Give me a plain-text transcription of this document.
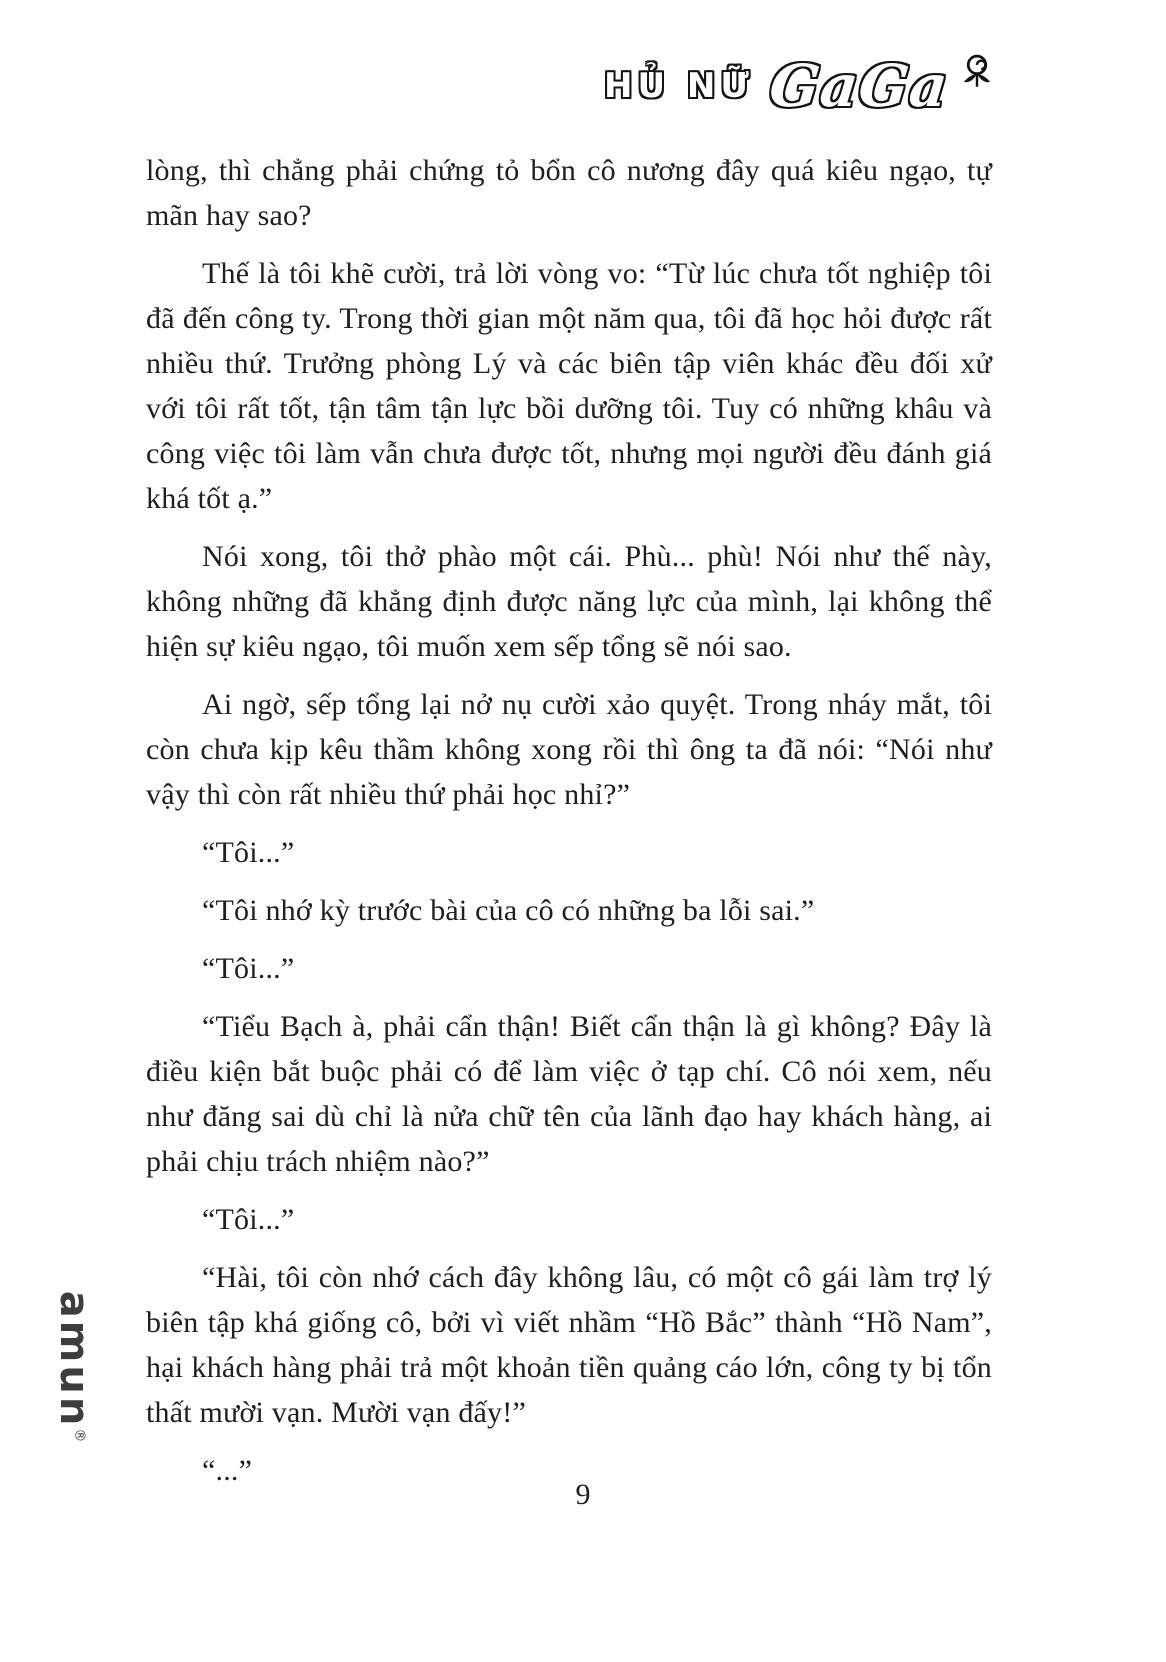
HỦ NỮ GaGa

lòng, thì chẳng phải chứng tỏ bổn cô nương đây quá kiêu ngạo, tự mãn hay sao?

Thế là tôi khẽ cười, trả lời vòng vo: “Từ lúc chưa tốt nghiệp tôi đã đến công ty. Trong thời gian một năm qua, tôi đã học hỏi được rất nhiều thứ. Trưởng phòng Lý và các biên tập viên khác đều đối xử với tôi rất tốt, tận tâm tận lực bồi dưỡng tôi. Tuy có những khâu và công việc tôi làm vẫn chưa được tốt, nhưng mọi người đều đánh giá khá tốt ạ.”

Nói xong, tôi thở phào một cái. Phù... phù! Nói như thế này, không những đã khẳng định được năng lực của mình, lại không thể hiện sự kiêu ngạo, tôi muốn xem sếp tổng sẽ nói sao.

Ai ngờ, sếp tổng lại nở nụ cười xảo quyệt. Trong nháy mắt, tôi còn chưa kịp kêu thầm không xong rồi thì ông ta đã nói: “Nói như vậy thì còn rất nhiều thứ phải học nhỉ?”

“Tôi...”

“Tôi nhớ kỳ trước bài của cô có những ba lỗi sai.”

“Tôi...”

“Tiểu Bạch à, phải cẩn thận! Biết cẩn thận là gì không? Đây là điều kiện bắt buộc phải có để làm việc ở tạp chí. Cô nói xem, nếu như đăng sai dù chỉ là nửa chữ tên của lãnh đạo hay khách hàng, ai phải chịu trách nhiệm nào?”

“Tôi...”

“Hài, tôi còn nhớ cách đây không lâu, có một cô gái làm trợ lý biên tập khá giống cô, bởi vì viết nhầm “Hồ Bắc” thành “Hồ Nam”, hại khách hàng phải trả một khoản tiền quảng cáo lớn, công ty bị tổn thất mười vạn. Mười vạn đấy!”

“...”

amun®
9
